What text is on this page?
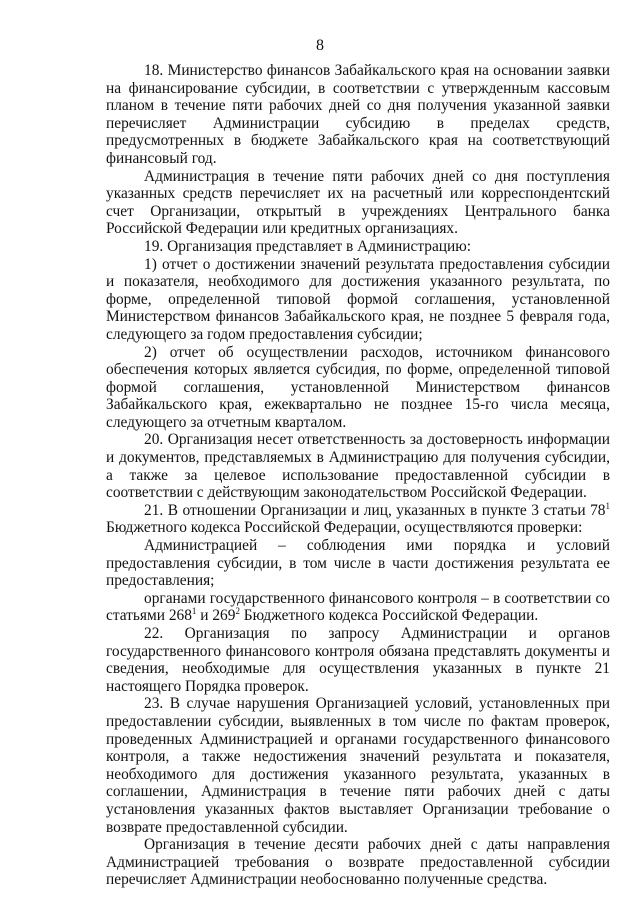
8

18. Министерство финансов Забайкальского края на основании заявки на финансирование субсидии, в соответствии с утвержденным кассовым планом в течение пяти рабочих дней со дня получения указанной заявки перечисляет Администрации субсидию в пределах средств, предусмотренных в бюджете Забайкальского края на соответствующий финансовый год.

Администрация в течение пяти рабочих дней со дня поступления указанных средств перечисляет их на расчетный или корреспондентский счет Организации, открытый в учреждениях Центрального банка Российской Федерации или кредитных организациях.

19. Организация представляет в Администрацию:

1) отчет о достижении значений результата предоставления субсидии и показателя, необходимого для достижения указанного результата, по форме, определенной типовой формой соглашения, установленной Министерством финансов Забайкальского края, не позднее 5 февраля года, следующего за годом предоставления субсидии;

2) отчет об осуществлении расходов, источником финансового обеспечения которых является субсидия, по форме, определенной типовой формой соглашения, установленной Министерством финансов Забайкальского края, ежеквартально не позднее 15-го числа месяца, следующего за отчетным кварталом.

20. Организация несет ответственность за достоверность информации и документов, представляемых в Администрацию для получения субсидии, а также за целевое использование предоставленной субсидии в соответствии с действующим законодательством Российской Федерации.

21. В отношении Организации и лиц, указанных в пункте 3 статьи $78^1$ Бюджетного кодекса Российской Федерации, осуществляются проверки:

Администрацией – соблюдения ими порядка и условий предоставления субсидии, в том числе в части достижения результата ее предоставления;

органами государственного финансового контроля – в соответствии со статьями $268^1$ и $269^2$ Бюджетного кодекса Российской Федерации.

22. Организация по запросу Администрации и органов государственного финансового контроля обязана представлять документы и сведения, необходимые для осуществления указанных в пункте 21 настоящего Порядка проверок.

23. В случае нарушения Организацией условий, установленных при предоставлении субсидии, выявленных в том числе по фактам проверок, проведенных Администрацией и органами государственного финансового контроля, а также недостижения значений результата и показателя, необходимого для достижения указанного результата, указанных в соглашении, Администрация в течение пяти рабочих дней с даты установления указанных фактов выставляет Организации требование о возврате предоставленной субсидии.

Организация в течение десяти рабочих дней с даты направления Администрацией требования о возврате предоставленной субсидии перечисляет Администрации необоснованно полученные средства.
